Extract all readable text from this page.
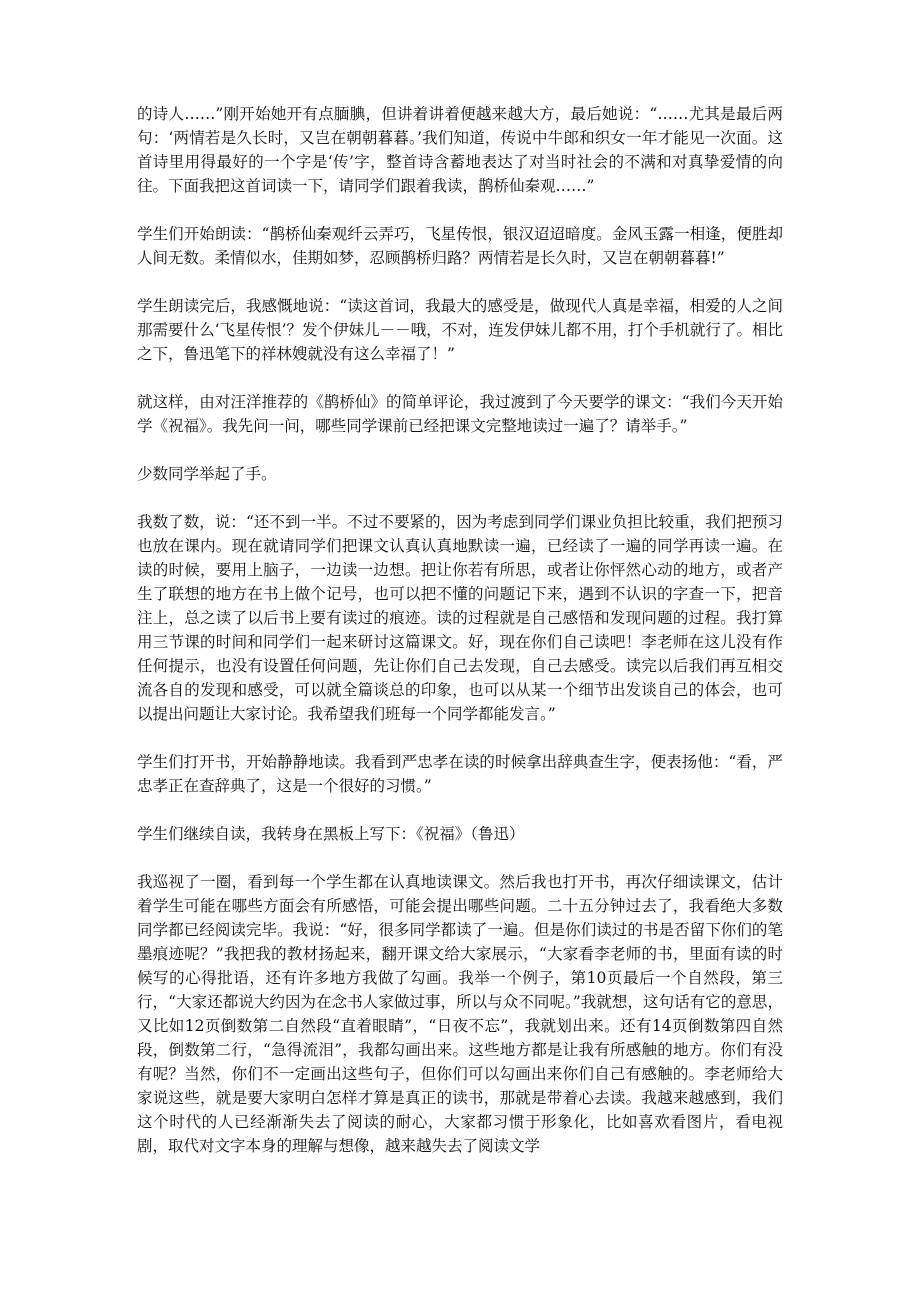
的诗人……”刚开始她开有点腼腆，但讲着讲着便越来越大方，最后她说：“……尤其是最后两句：‘两情若是久长时，又岂在朝朝暮暮。’我们知道，传说中牛郎和织女一年才能见一次面。这首诗里用得最好的一个字是‘传’字，整首诗含蓄地表达了对当时社会的不满和对真挚爱情的向往。下面我把这首词读一下，请同学们跟着我读，鹊桥仙秦观……”

学生们开始朗读：“鹊桥仙秦观纤云弄巧，飞星传恨，银汉迢迢暗度。金风玉露一相逢，便胜却人间无数。柔情似水，佳期如梦，忍顾鹊桥归路？两情若是长久时，又岂在朝朝暮暮!”

学生朗读完后，我感慨地说：“读这首词，我最大的感受是，做现代人真是幸福，相爱的人之间那需要什么‘飞星传恨’？发个伊妹儿－－哦，不对，连发伊妹儿都不用，打个手机就行了。相比之下，鲁迅笔下的祥林嫂就没有这么幸福了！”

就这样，由对汪洋推荐的《鹊桥仙》的简单评论，我过渡到了今天要学的课文：“我们今天开始学《祝福》。我先问一问，哪些同学课前已经把课文完整地读过一遍了？请举手。”

少数同学举起了手。

我数了数，说：“还不到一半。不过不要紧的，因为考虑到同学们课业负担比较重，我们把预习也放在课内。现在就请同学们把课文认真认真地默读一遍，已经读了一遍的同学再读一遍。在读的时候，要用上脑子，一边读一边想。把让你若有所思，或者让你怦然心动的地方，或者产生了联想的地方在书上做个记号，也可以把不懂的问题记下来，遇到不认识的字查一下，把音注上，总之读了以后书上要有读过的痕迹。读的过程就是自己感悟和发现问题的过程。我打算用三节课的时间和同学们一起来研讨这篇课文。好，现在你们自己读吧！李老师在这儿没有作任何提示，也没有设置任何问题，先让你们自己去发现，自己去感受。读完以后我们再互相交流各自的发现和感受，可以就全篇谈总的印象，也可以从某一个细节出发谈自己的体会，也可以提出问题让大家讨论。我希望我们班每一个同学都能发言。”

学生们打开书，开始静静地读。我看到严忠孝在读的时候拿出辞典查生字，便表扬他：“看，严忠孝正在查辞典了，这是一个很好的习惯。”

学生们继续自读，我转身在黑板上写下：《祝福》（鲁迅）

我巡视了一圈，看到每一个学生都在认真地读课文。然后我也打开书，再次仔细读课文，估计着学生可能在哪些方面会有所感悟，可能会提出哪些问题。二十五分钟过去了，我看绝大多数同学都已经阅读完毕。我说：“好，很多同学都读了一遍。但是你们读过的书是否留下你们的笔墨痕迹呢？”我把我的教材扬起来，翻开课文给大家展示，“大家看李老师的书，里面有读的时候写的心得批语，还有许多地方我做了勾画。我举一个例子，第10页最后一个自然段，第三行，“大家还都说大约因为在念书人家做过事，所以与众不同呢。”我就想，这句话有它的意思，又比如12页倒数第二自然段“直着眼睛”，“日夜不忘”，我就划出来。还有14页倒数第四自然段，倒数第二行，“急得流泪”，我都勾画出来。这些地方都是让我有所感触的地方。你们有没有呢？当然，你们不一定画出这些句子，但你们可以勾画出来你们自己有感触的。李老师给大家说这些，就是要大家明白怎样才算是真正的读书，那就是带着心去读。我越来越感到，我们这个时代的人已经渐渐失去了阅读的耐心，大家都习惯于形象化，比如喜欢看图片，看电视剧，取代对文字本身的理解与想像，越来越失去了阅读文学
